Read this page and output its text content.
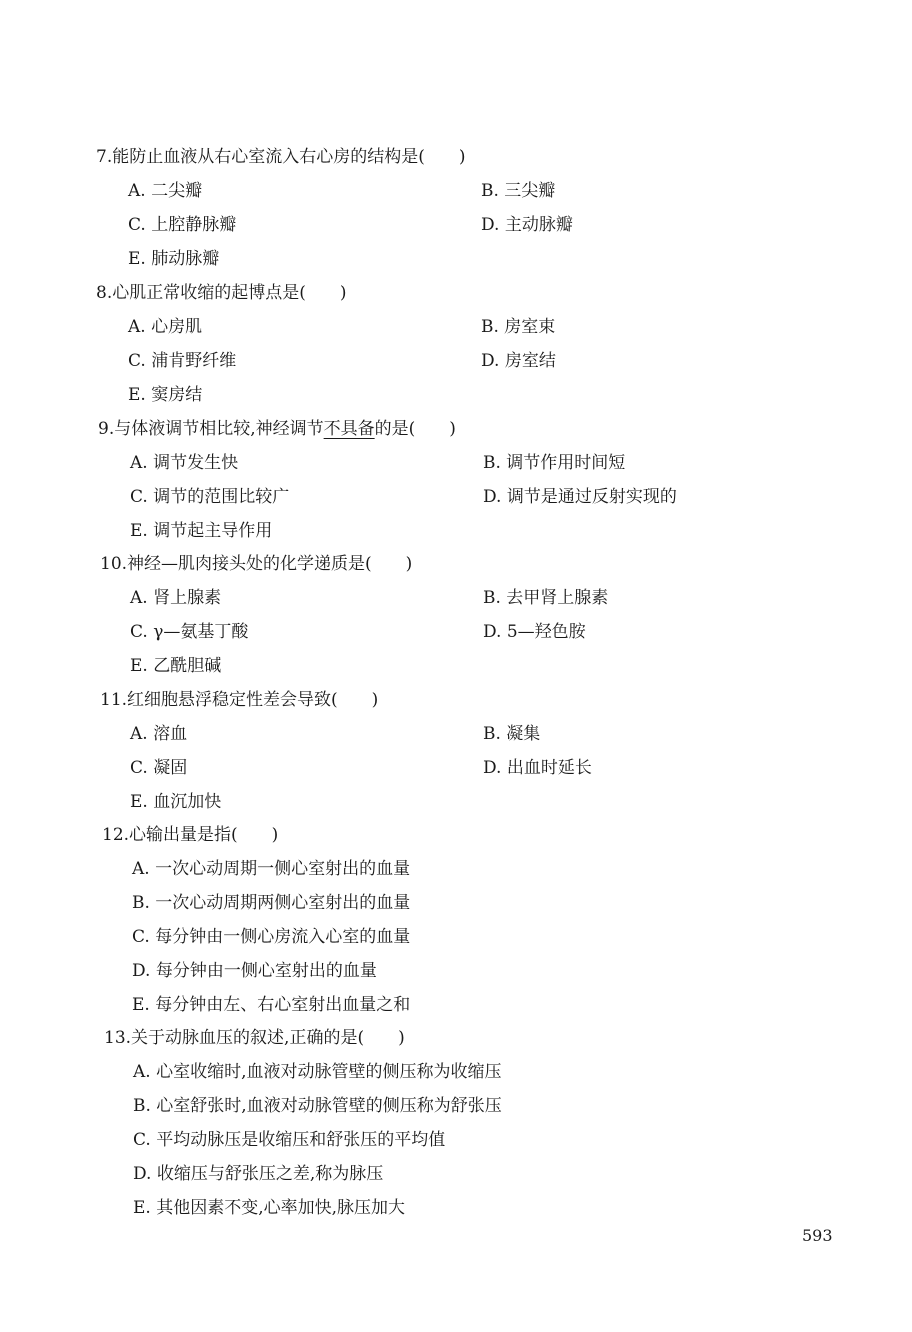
7.能防止血液从右心室流入右心房的结构是(　　)
A. 二尖瓣	B. 三尖瓣
C. 上腔静脉瓣	D. 主动脉瓣
E. 肺动脉瓣
8.心肌正常收缩的起博点是(　　)
A. 心房肌	B. 房室束
C. 浦肯野纤维	D. 房室结
E. 窦房结
9.与体液调节相比较,神经调节不具备的是(　　)
A. 调节发生快	B. 调节作用时间短
C. 调节的范围比较广	D. 调节是通过反射实现的
E. 调节起主导作用
10.神经—肌肉接头处的化学递质是(　　)
A. 肾上腺素	B. 去甲肾上腺素
C. γ—氨基丁酸	D. 5—羟色胺
E. 乙酰胆碱
11.红细胞悬浮稳定性差会导致(　　)
A. 溶血	B. 凝集
C. 凝固	D. 出血时延长
E. 血沉加快
12.心输出量是指(　　)
A. 一次心动周期一侧心室射出的血量
B. 一次心动周期两侧心室射出的血量
C. 每分钟由一侧心房流入心室的血量
D. 每分钟由一侧心室射出的血量
E. 每分钟由左、右心室射出血量之和
13.关于动脉血压的叙述,正确的是(　　)
A. 心室收缩时,血液对动脉管壁的侧压称为收缩压
B. 心室舒张时,血液对动脉管壁的侧压称为舒张压
C. 平均动脉压是收缩压和舒张压的平均值
D. 收缩压与舒张压之差,称为脉压
E. 其他因素不变,心率加快,脉压加大
593
